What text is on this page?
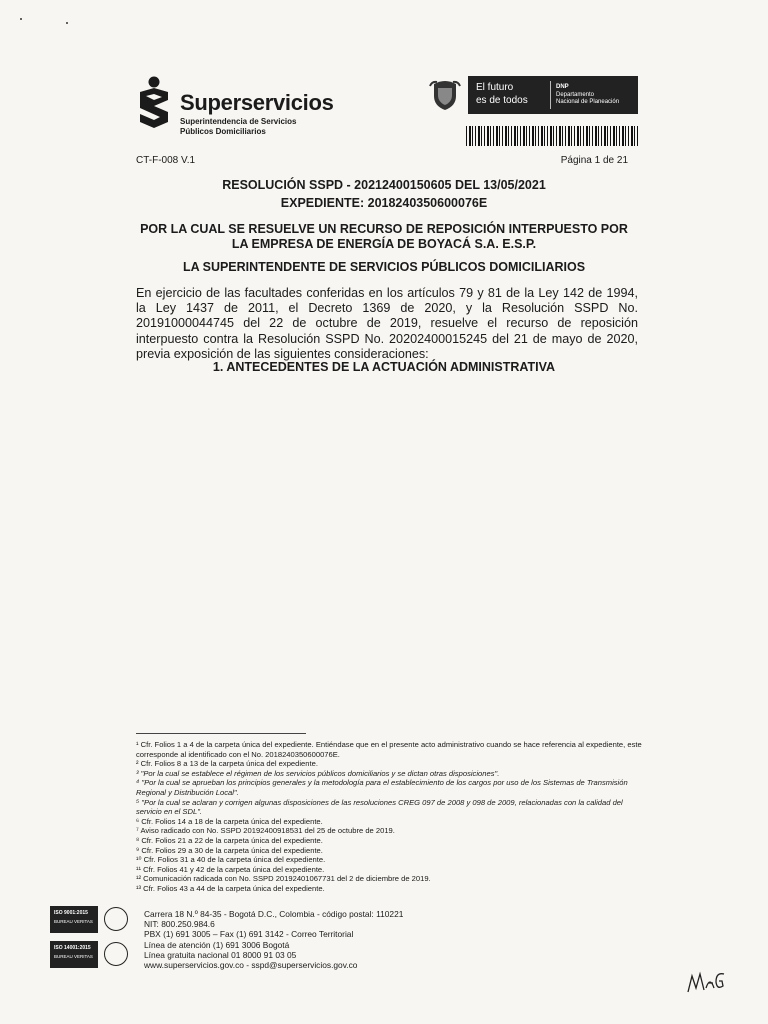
Superservicios
Superintendencia de Servicios
Públicos Domiciliarios
El futuro
es de todos
DNP
Departamento
Nacional de Planeación
CT-F-008 V.1	Página 1 de 21
RESOLUCIÓN SSPD - 20212400150605 DEL 13/05/2021
EXPEDIENTE: 2018240350600076E
POR LA CUAL SE RESUELVE UN RECURSO DE REPOSICIÓN INTERPUESTO POR LA EMPRESA DE ENERGÍA DE BOYACÁ S.A. E.S.P.
LA SUPERINTENDENTE DE SERVICIOS PÚBLICOS DOMICILIARIOS
En ejercicio de las facultades conferidas en los artículos 79 y 81 de la Ley 142 de 1994, la Ley 1437 de 2011, el Decreto 1369 de 2020, y la Resolución SSPD No. 20191000044745 del 22 de octubre de 2019, resuelve el recurso de reposición interpuesto contra la Resolución SSPD No. 20202400015245 del 21 de mayo de 2020, previa exposición de las siguientes consideraciones:
1. ANTECEDENTES DE LA ACTUACIÓN ADMINISTRATIVA
¹ Cfr. Folios 1 a 4 de la carpeta única del expediente. Entiéndase que en el presente acto administrativo cuando se hace referencia al expediente, este corresponde al identificado con el No. 2018240350600076E.
² Cfr. Folios 8 a 13 de la carpeta única del expediente.
³ "Por la cual se establece el régimen de los servicios públicos domiciliarios y se dictan otras disposiciones".
⁴ "Por la cual se aprueban los principios generales y la metodología para el establecimiento de los cargos por uso de los Sistemas de Transmisión Regional y Distribución Local".
⁵ "Por la cual se aclaran y corrigen algunas disposiciones de las resoluciones CREG 097 de 2008 y 098 de 2009, relacionadas con la calidad del servicio en el SDL".
⁶ Cfr. Folios 14 a 18 de la carpeta única del expediente.
⁷ Aviso radicado con No. SSPD 20192400918531 del 25 de octubre de 2019.
⁸ Cfr. Folios 21 a 22 de la carpeta única del expediente.
⁹ Cfr. Folios 29 a 30 de la carpeta única del expediente.
¹⁰ Cfr. Folios 31 a 40 de la carpeta única del expediente.
¹¹ Cfr. Folios 41 y 42 de la carpeta única del expediente.
¹² Comunicación radicada con No. SSPD 20192401067731 del 2 de diciembre de 2019.
¹³ Cfr. Folios 43 a 44 de la carpeta única del expediente.
ISO 9001:2015
BUREAU VERITAS
ISO 14001:2015
BUREAU VERITAS
Carrera 18 N.º 84-35 - Bogotá D.C., Colombia - código postal: 110221
NIT: 800.250.984.6
PBX (1) 691 3005 – Fax (1) 691 3142 - Correo Territorial
Línea de atención (1) 691 3006 Bogotá
Línea gratuita nacional 01 8000 91 03 05
www.superservicios.gov.co - sspd@superservicios.gov.co
